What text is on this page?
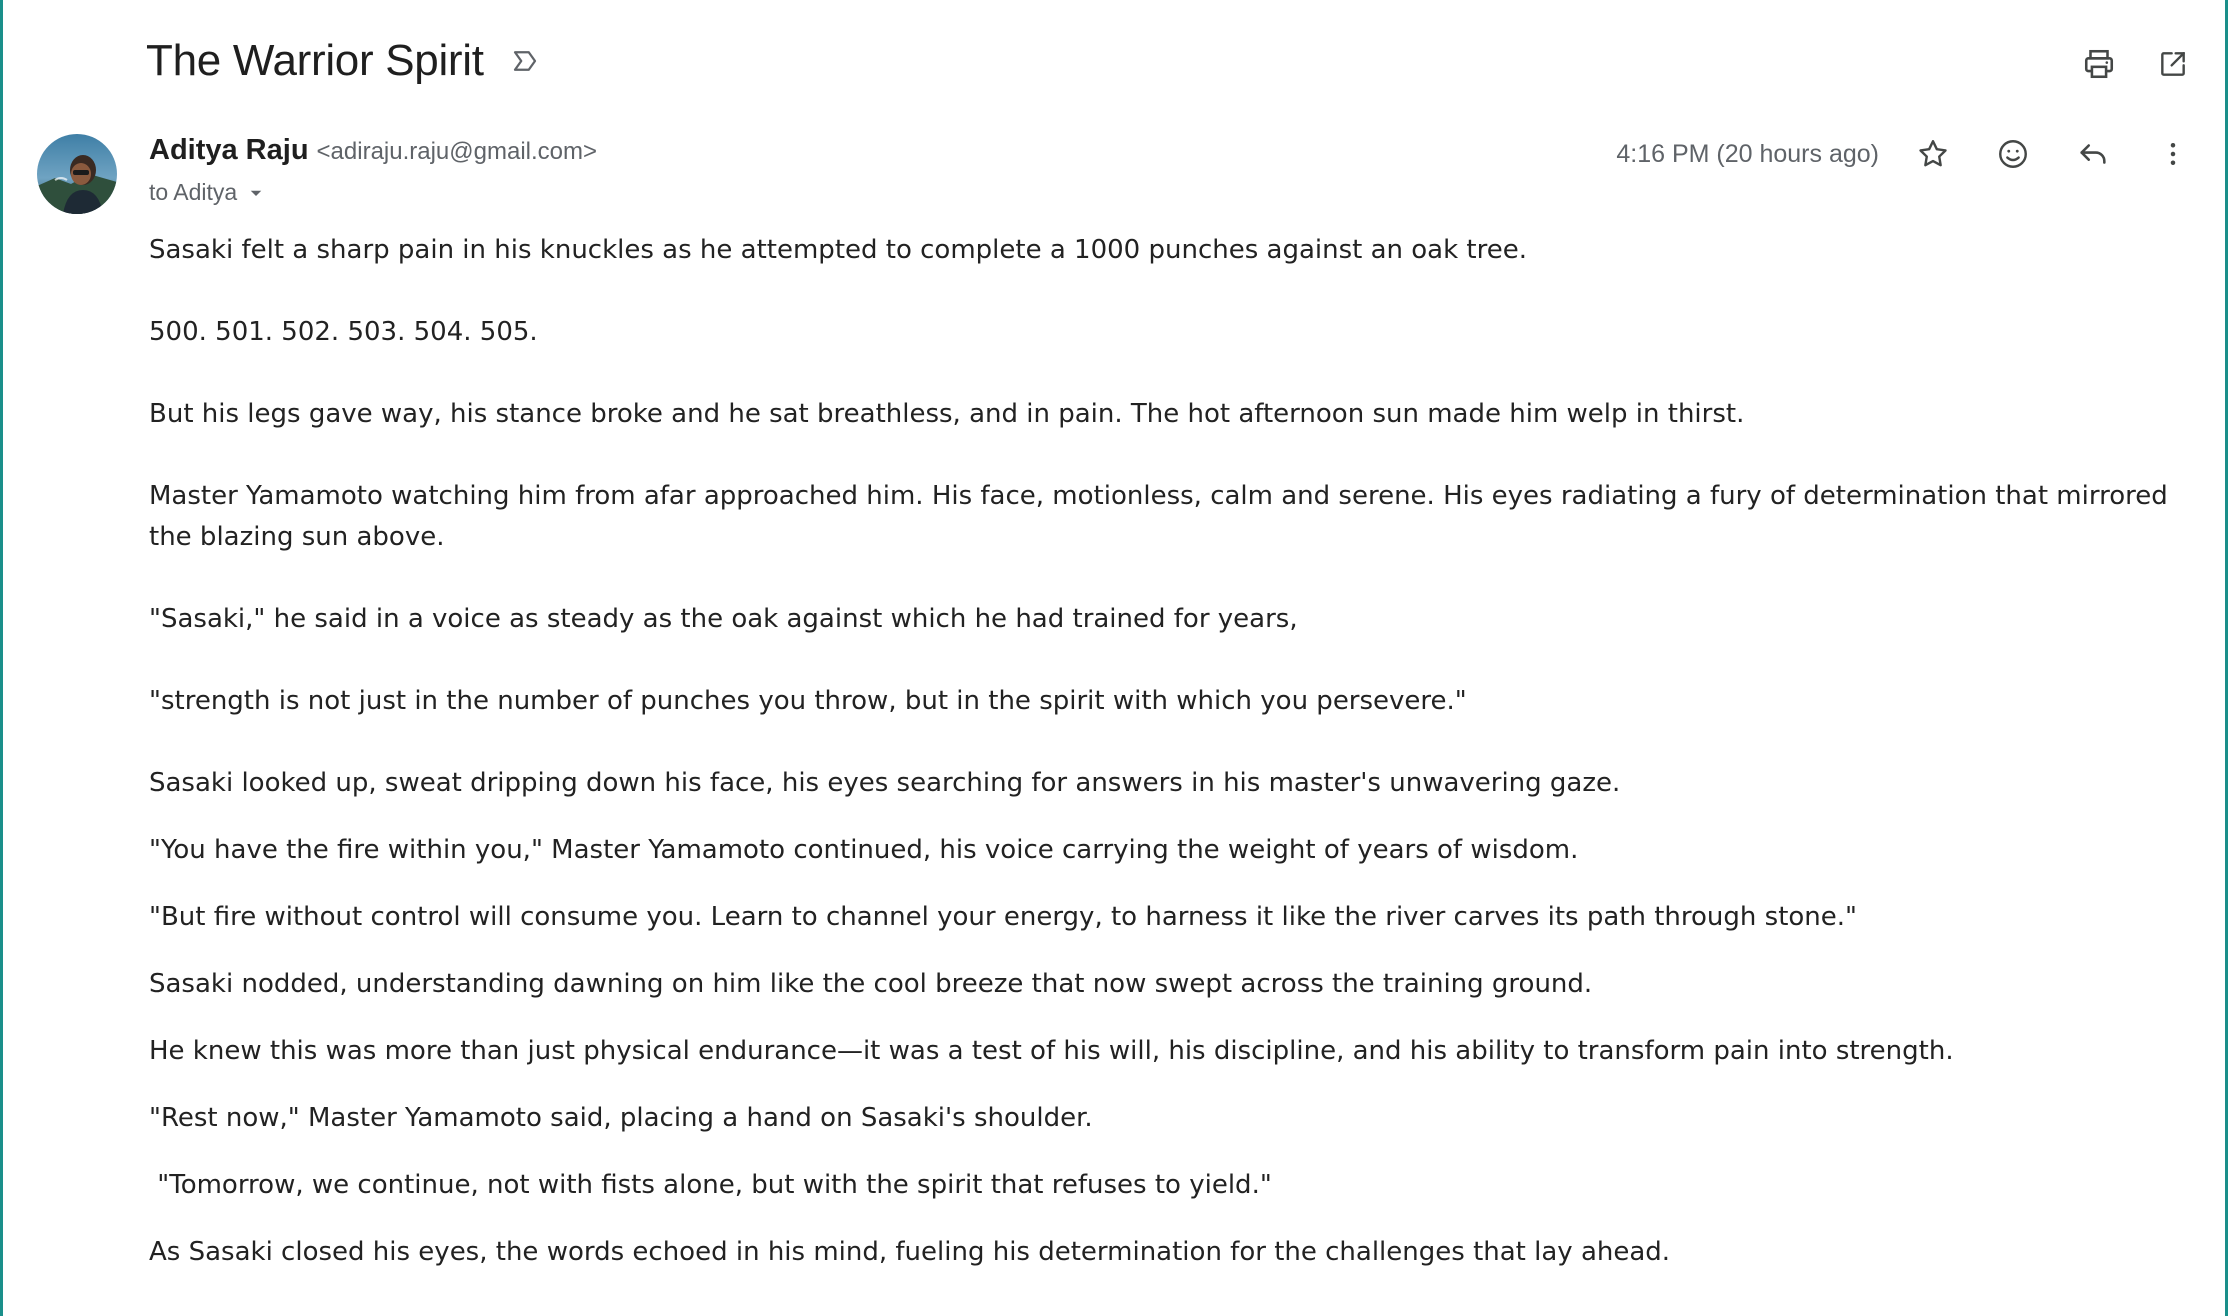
The Warrior Spirit
Aditya Raju <adiraju.raju@gmail.com>
to Aditya
4:16 PM (20 hours ago)

Sasaki felt a sharp pain in his knuckles as he attempted to complete a 1000 punches against an oak tree.

500. 501. 502. 503. 504. 505.

But his legs gave way, his stance broke and he sat breathless, and in pain. The hot afternoon sun made him welp in thirst.

Master Yamamoto watching him from afar approached him. His face, motionless, calm and serene. His eyes radiating a fury of determination that mirrored the blazing sun above.

"Sasaki," he said in a voice as steady as the oak against which he had trained for years,

"strength is not just in the number of punches you throw, but in the spirit with which you persevere."

Sasaki looked up, sweat dripping down his face, his eyes searching for answers in his master's unwavering gaze.

"You have the fire within you," Master Yamamoto continued, his voice carrying the weight of years of wisdom.

"But fire without control will consume you. Learn to channel your energy, to harness it like the river carves its path through stone."

Sasaki nodded, understanding dawning on him like the cool breeze that now swept across the training ground.

He knew this was more than just physical endurance—it was a test of his will, his discipline, and his ability to transform pain into strength.

"Rest now," Master Yamamoto said, placing a hand on Sasaki's shoulder.

"Tomorrow, we continue, not with fists alone, but with the spirit that refuses to yield."

As Sasaki closed his eyes, the words echoed in his mind, fueling his determination for the challenges that lay ahead.
